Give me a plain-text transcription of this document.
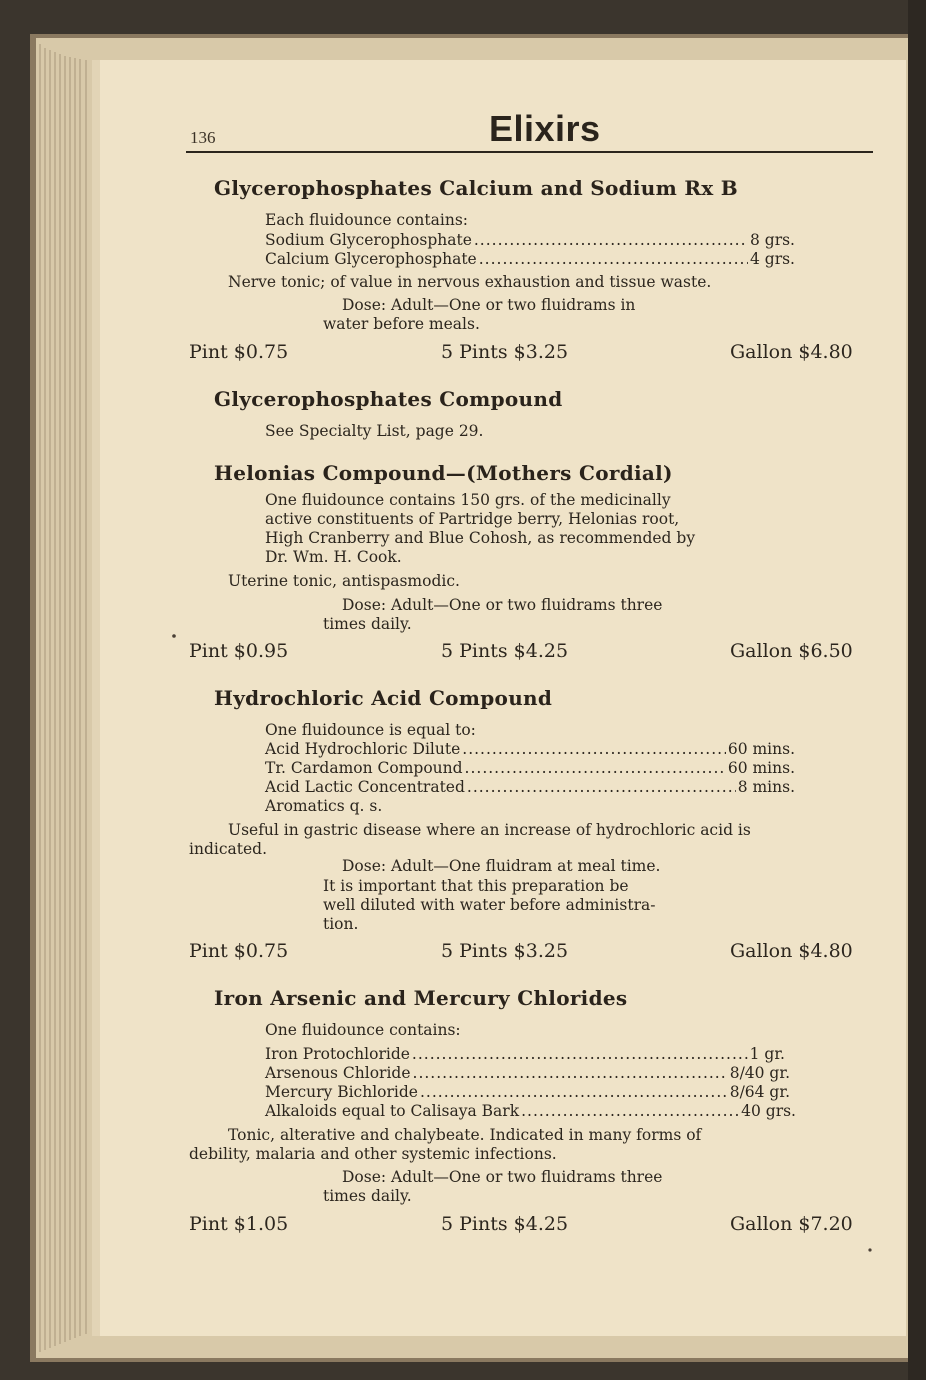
136	Elixirs
Glycerophosphates Calcium and Sodium Rx B
Each fluidounce contains:
Sodium Glycerophosphate .....	8 grs.
Calcium Glycerophosphate .....	4 grs.
Nerve tonic; of value in nervous exhaustion and tissue waste.
Dose: Adult—One or two fluidrams in
water before meals.
Pint $0.75	5 Pints $3.25	Gallon $4.80
Glycerophosphates Compound
See Specialty List, page 29.
Helonias Compound—(Mothers Cordial)
One fluidounce contains 150 grs. of the medicinally
active constituents of Partridge berry, Helonias root,
High Cranberry and Blue Cohosh, as recommended by
Dr. Wm. H. Cook.
Uterine tonic, antispasmodic.
Dose: Adult—One or two fluidrams three
times daily.
Pint $0.95	5 Pints $4.25	Gallon $6.50
Hydrochloric Acid Compound
One fluidounce is equal to:
Acid Hydrochloric Dilute .....	60 mins.
Tr. Cardamon Compound .....	60 mins.
Acid Lactic Concentrated .....	8 mins.
Aromatics q. s.
Useful in gastric disease where an increase of hydrochloric acid is
indicated.
Dose: Adult—One fluidram at meal time.
It is important that this preparation be
well diluted with water before administra-
tion.
Pint $0.75	5 Pints $3.25	Gallon $4.80
Iron Arsenic and Mercury Chlorides
One fluidounce contains:
Iron Protochloride .....	1 gr.
Arsenous Chloride .....	8/40 gr.
Mercury Bichloride .....	8/64 gr.
Alkaloids equal to Calisaya Bark .....	40 grs.
Tonic, alterative and chalybeate. Indicated in many forms of
debility, malaria and other systemic infections.
Dose: Adult—One or two fluidrams three
times daily.
Pint $1.05	5 Pints $4.25	Gallon $7.20
